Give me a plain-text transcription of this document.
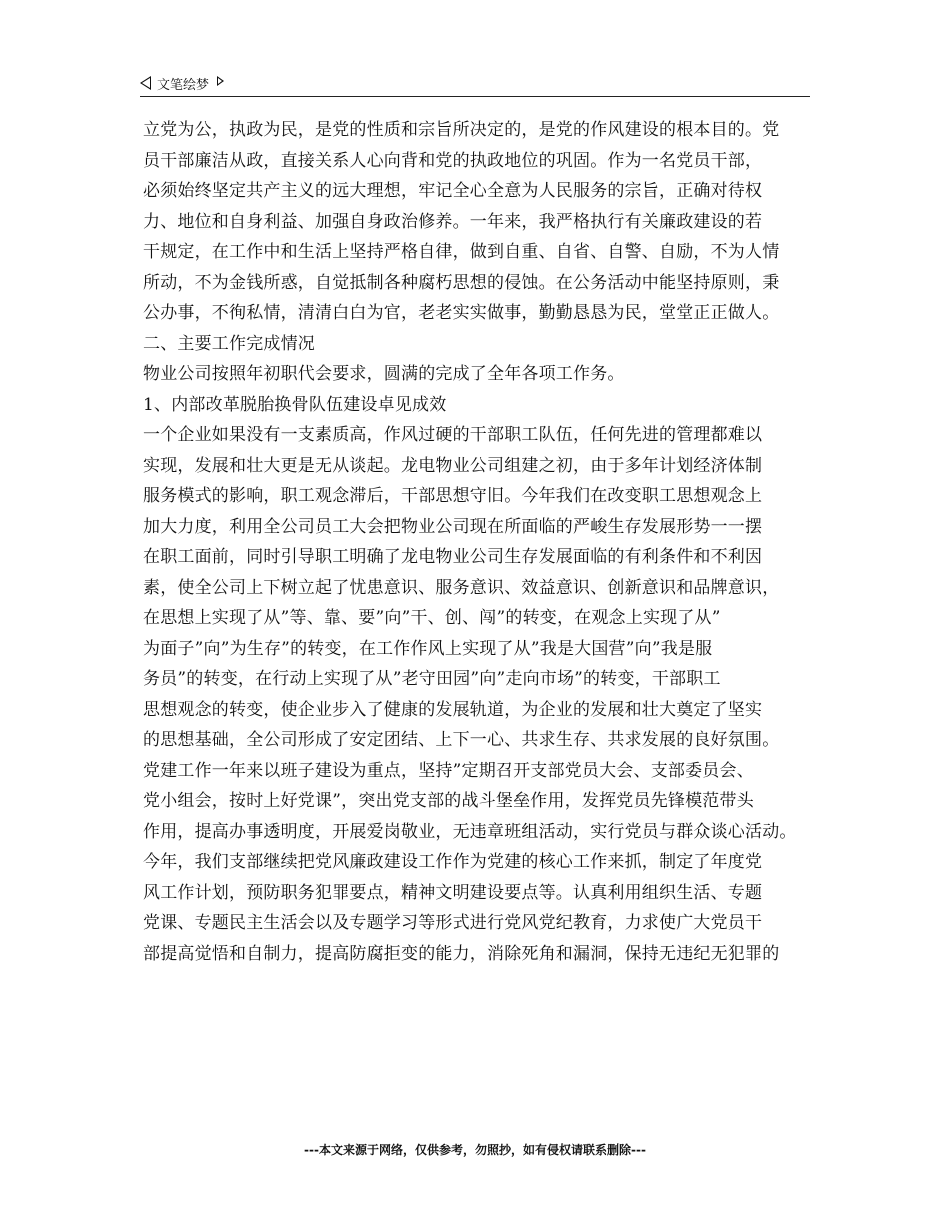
文笔绘梦
立党为公，执政为民，是党的性质和宗旨所决定的，是党的作风建设的根本目的。党
员干部廉洁从政，直接关系人心向背和党的执政地位的巩固。作为一名党员干部，
必须始终坚定共产主义的远大理想，牢记全心全意为人民服务的宗旨，正确对待权
力、地位和自身利益、加强自身政治修养。一年来，我严格执行有关廉政建设的若
干规定，在工作中和生活上坚持严格自律，做到自重、自省、自警、自励，不为人情
所动，不为金钱所惑，自觉抵制各种腐朽思想的侵蚀。在公务活动中能坚持原则，秉
公办事，不徇私情，清清白白为官，老老实实做事，勤勤恳恳为民，堂堂正正做人。
二、主要工作完成情况
物业公司按照年初职代会要求，圆满的完成了全年各项工作务。
1、内部改革脱胎换骨队伍建设卓见成效
一个企业如果没有一支素质高，作风过硬的干部职工队伍，任何先进的管理都难以
实现，发展和壮大更是无从谈起。龙电物业公司组建之初，由于多年计划经济体制
服务模式的影响，职工观念滞后，干部思想守旧。今年我们在改变职工思想观念上
加大力度，利用全公司员工大会把物业公司现在所面临的严峻生存发展形势一一摆
在职工面前，同时引导职工明确了龙电物业公司生存发展面临的有利条件和不利因
素，使全公司上下树立起了忧患意识、服务意识、效益意识、创新意识和品牌意识，
在思想上实现了从”等、靠、要”向”干、创、闯”的转变，在观念上实现了从”
为面子”向”为生存”的转变，在工作作风上实现了从”我是大国营”向”我是服
务员”的转变，在行动上实现了从”老守田园”向”走向市场”的转变，干部职工
思想观念的转变，使企业步入了健康的发展轨道，为企业的发展和壮大奠定了坚实
的思想基础，全公司形成了安定团结、上下一心、共求生存、共求发展的良好氛围。
党建工作一年来以班子建设为重点，坚持”定期召开支部党员大会、支部委员会、
党小组会，按时上好党课”，突出党支部的战斗堡垒作用，发挥党员先锋模范带头
作用，提高办事透明度，开展爱岗敬业，无违章班组活动，实行党员与群众谈心活动。
今年，我们支部继续把党风廉政建设工作作为党建的核心工作来抓，制定了年度党
风工作计划，预防职务犯罪要点，精神文明建设要点等。认真利用组织生活、专题
党课、专题民主生活会以及专题学习等形式进行党风党纪教育，力求使广大党员干
部提高觉悟和自制力，提高防腐拒变的能力，消除死角和漏洞，保持无违纪无犯罪的
---本文来源于网络，仅供参考，勿照抄，如有侵权请联系删除---
